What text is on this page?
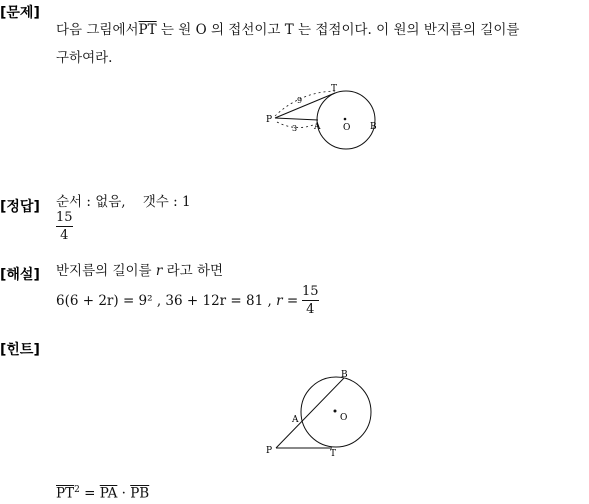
[문제]
다음 그림에서$\overline{PT}$ 는 원 O 의 접선이고 T 는 접점이다. 이 원의 반지름의 길이를
구하여라.
P
T
A	O B
9
3
B
A	O
P	T
[정답] 순서 : 없음,    갯수 : 1
15
4
[해설] 반지름의 길이를 r 라고 하면
6(6 + 2r) = 9² , 36 + 12r = 81 , r =
15
4
[힌트]
$\overline{PT}^2 = \overline{PA} \cdot \overline{PB}$
